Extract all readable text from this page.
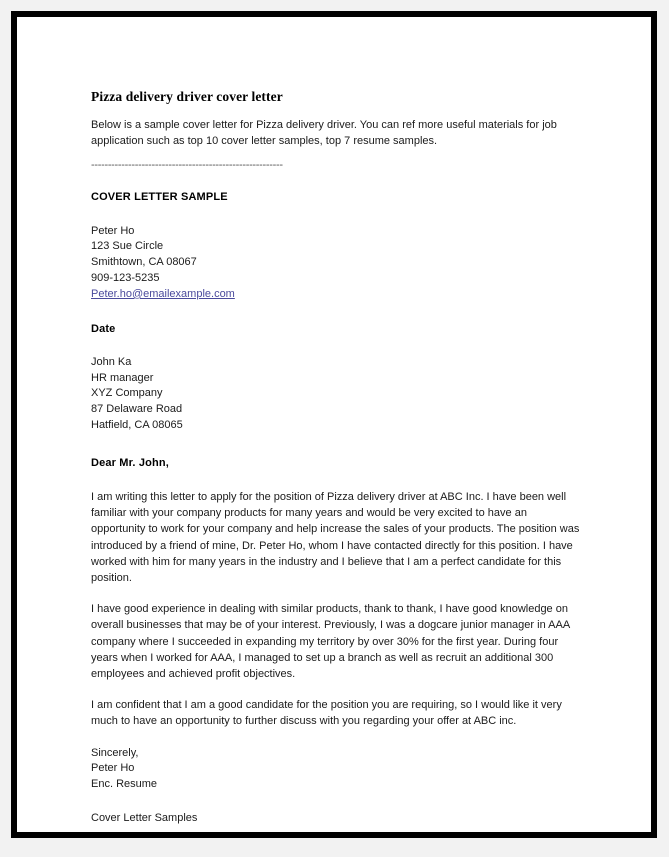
Pizza delivery driver cover letter

Below is a sample cover letter for Pizza delivery driver. You can ref more useful materials for job application such as top 10 cover letter samples, top 7 resume samples.

---------------------------------------------------------
COVER LETTER SAMPLE
Peter Ho
123 Sue Circle
Smithtown, CA 08067
909-123-5235
Peter.ho@emailexample.com
Date
John Ka
HR manager
XYZ Company
87 Delaware Road
Hatfield, CA 08065
Dear Mr. John,

I am writing this letter to apply for the position of Pizza delivery driver at ABC Inc. I have been well familiar with your company products for many years and would be very excited to have an opportunity to work for your company and help increase the sales of your products. The position was introduced by a friend of mine, Dr. Peter Ho, whom I have contacted directly for this position. I have worked with him for many years in the industry and I believe that I am a perfect candidate for this position.

I have good experience in dealing with similar products, thank to thank, I have good knowledge on overall businesses that may be of your interest. Previously, I was a dogcare junior manager in AAA company where I succeeded in expanding my territory by over 30% for the first year. During four years when I worked for AAA, I managed to set up a branch as well as recruit an additional 300 employees and achieved profit objectives.

I am confident that I am a good candidate for the position you are requiring, so I would like it very much to have an opportunity to further discuss with you regarding your offer at ABC inc.

Sincerely,
Peter Ho
Enc. Resume
Cover Letter Samples
